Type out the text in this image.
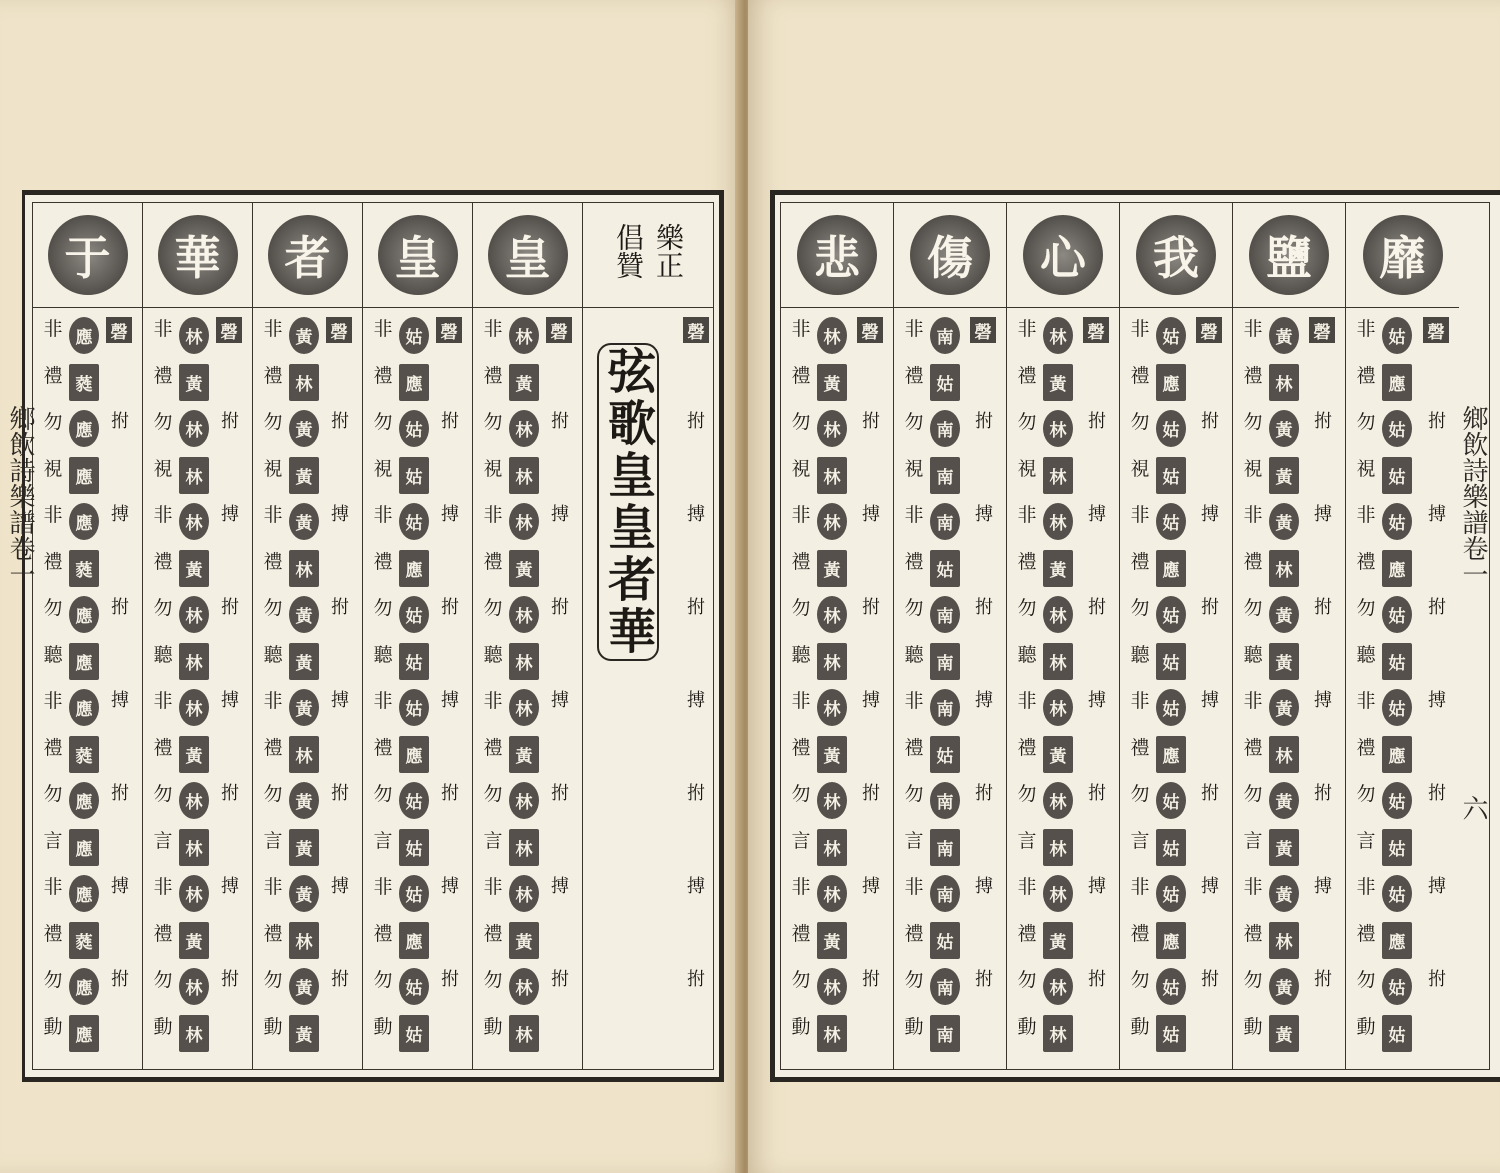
于
磬
非
禮
勿
視
非
禮
勿
聽
非
禮
勿
言
非
禮
勿
動
應
蕤
應
應
應
蕤
應
應
應
蕤
應
應
應
蕤
應
應
拊
搏
拊
搏
拊
搏
拊
華
磬
非
禮
勿
視
非
禮
勿
聽
非
禮
勿
言
非
禮
勿
動
林
黃
林
林
林
黃
林
林
林
黃
林
林
林
黃
林
林
拊
搏
拊
搏
拊
搏
拊
者
磬
非
禮
勿
視
非
禮
勿
聽
非
禮
勿
言
非
禮
勿
動
黃
林
黃
黃
黃
林
黃
黃
黃
林
黃
黃
黃
林
黃
黃
拊
搏
拊
搏
拊
搏
拊
皇
磬
非
禮
勿
視
非
禮
勿
聽
非
禮
勿
言
非
禮
勿
動
姑
應
姑
姑
姑
應
姑
姑
姑
應
姑
姑
姑
應
姑
姑
拊
搏
拊
搏
拊
搏
拊
皇
磬
非
禮
勿
視
非
禮
勿
聽
非
禮
勿
言
非
禮
勿
動
林
黃
林
林
林
黃
林
林
林
黃
林
林
林
黃
林
林
拊
搏
拊
搏
拊
搏
拊
樂正
倡贊
弦歌皇皇者華
磬
拊
搏
拊
搏
拊
搏
拊
鄉飲詩樂譜卷一
悲
磬
非
禮
勿
視
非
禮
勿
聽
非
禮
勿
言
非
禮
勿
動
林
黃
林
林
林
黃
林
林
林
黃
林
林
林
黃
林
林
拊
搏
拊
搏
拊
搏
拊
傷
磬
非
禮
勿
視
非
禮
勿
聽
非
禮
勿
言
非
禮
勿
動
南
姑
南
南
南
姑
南
南
南
姑
南
南
南
姑
南
南
拊
搏
拊
搏
拊
搏
拊
心
磬
非
禮
勿
視
非
禮
勿
聽
非
禮
勿
言
非
禮
勿
動
林
黃
林
林
林
黃
林
林
林
黃
林
林
林
黃
林
林
拊
搏
拊
搏
拊
搏
拊
我
磬
非
禮
勿
視
非
禮
勿
聽
非
禮
勿
言
非
禮
勿
動
姑
應
姑
姑
姑
應
姑
姑
姑
應
姑
姑
姑
應
姑
姑
拊
搏
拊
搏
拊
搏
拊
鹽
磬
非
禮
勿
視
非
禮
勿
聽
非
禮
勿
言
非
禮
勿
動
黃
林
黃
黃
黃
林
黃
黃
黃
林
黃
黃
黃
林
黃
黃
拊
搏
拊
搏
拊
搏
拊
靡
磬
非
禮
勿
視
非
禮
勿
聽
非
禮
勿
言
非
禮
勿
動
姑
應
姑
姑
姑
應
姑
姑
姑
應
姑
姑
姑
應
姑
姑
拊
搏
拊
搏
拊
搏
拊
鄉飲詩樂譜卷一
六
